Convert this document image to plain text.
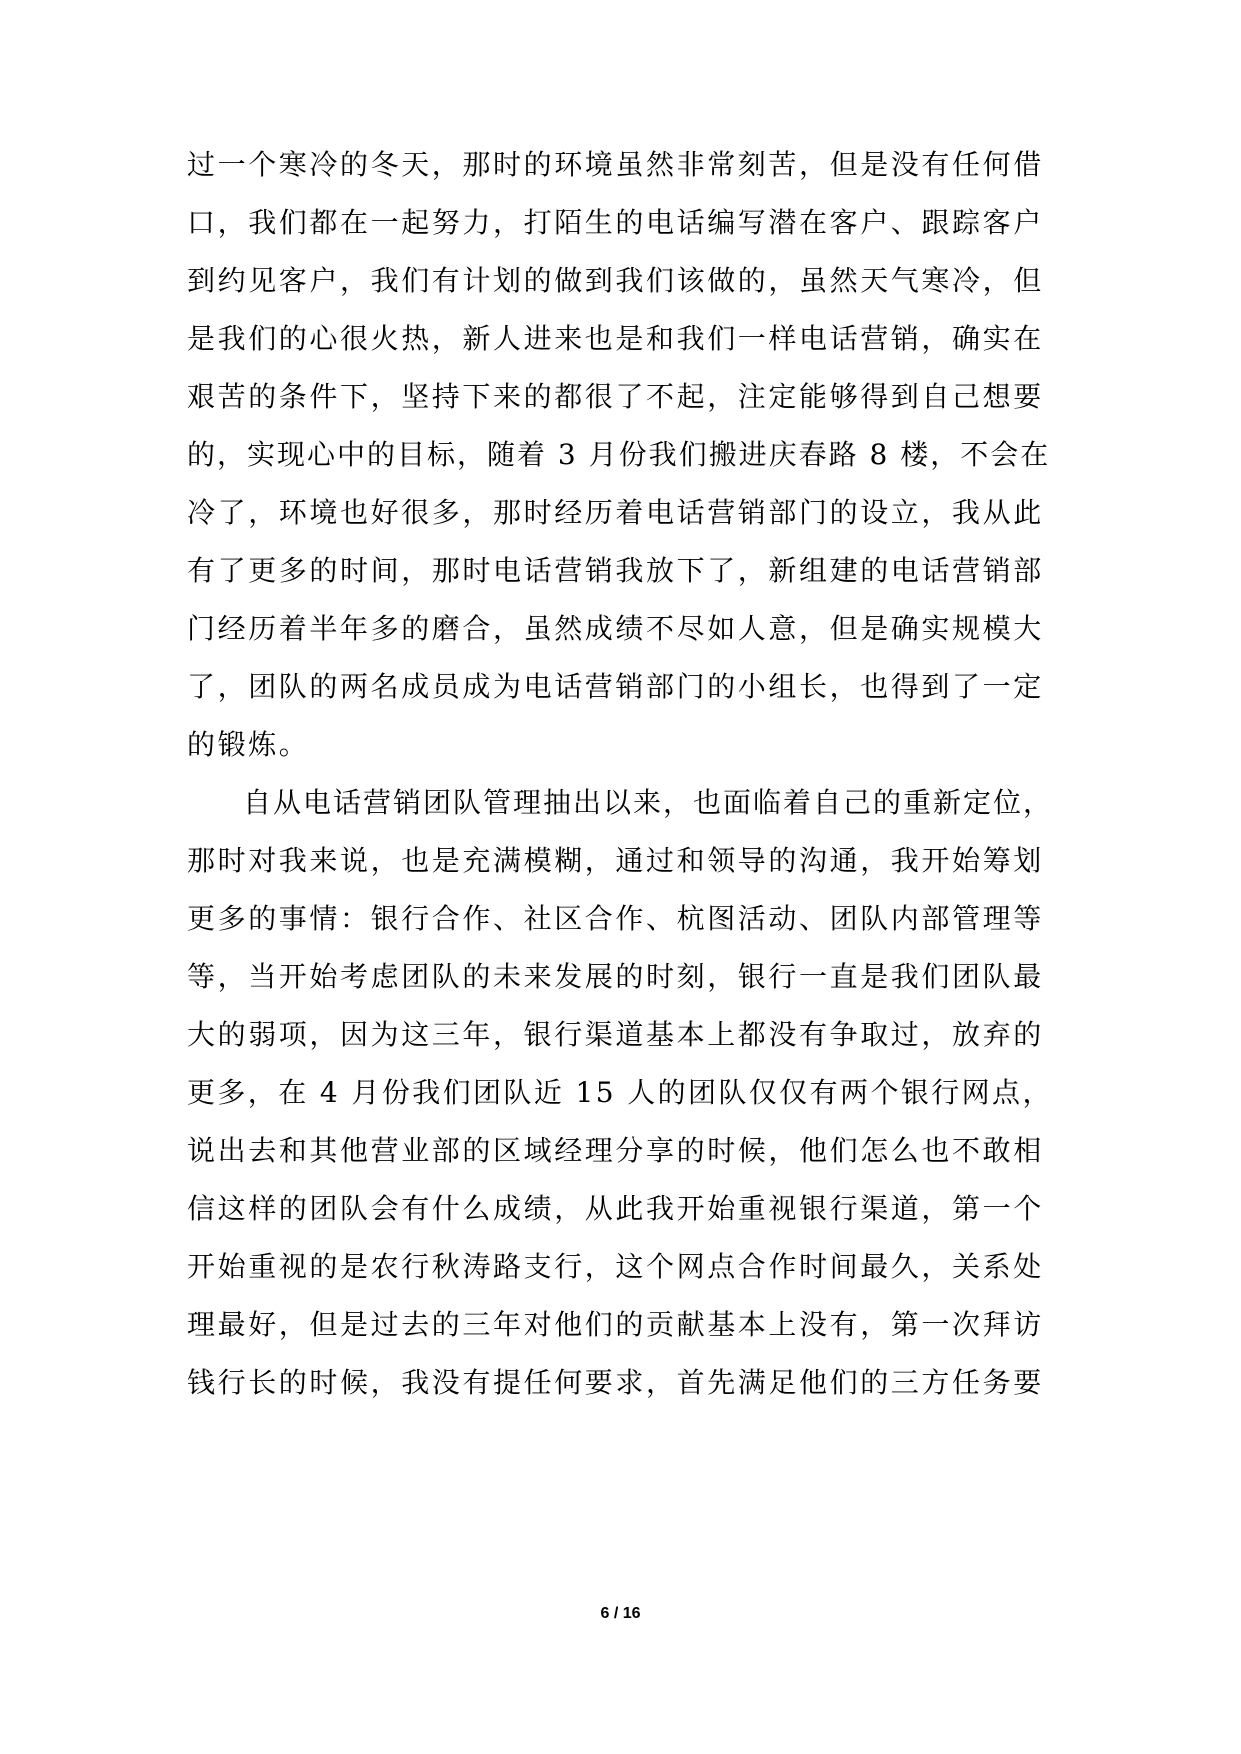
过一个寒冷的冬天，那时的环境虽然非常刻苦，但是没有任何借
口，我们都在一起努力，打陌生的电话编写潜在客户、跟踪客户
到约见客户，我们有计划的做到我们该做的，虽然天气寒冷，但
是我们的心很火热，新人进来也是和我们一样电话营销，确实在
艰苦的条件下，坚持下来的都很了不起，注定能够得到自己想要
的，实现心中的目标，随着 3 月份我们搬进庆春路 8 楼，不会在
冷了，环境也好很多，那时经历着电话营销部门的设立，我从此
有了更多的时间，那时电话营销我放下了，新组建的电话营销部
门经历着半年多的磨合，虽然成绩不尽如人意，但是确实规模大
了，团队的两名成员成为电话营销部门的小组长，也得到了一定
的锻炼。
自从电话营销团队管理抽出以来，也面临着自己的重新定位，
那时对我来说，也是充满模糊，通过和领导的沟通，我开始筹划
更多的事情：银行合作、社区合作、杭图活动、团队内部管理等
等，当开始考虑团队的未来发展的时刻，银行一直是我们团队最
大的弱项，因为这三年，银行渠道基本上都没有争取过，放弃的
更多，在 4 月份我们团队近 15 人的团队仅仅有两个银行网点，
说出去和其他营业部的区域经理分享的时候，他们怎么也不敢相
信这样的团队会有什么成绩，从此我开始重视银行渠道，第一个
开始重视的是农行秋涛路支行，这个网点合作时间最久，关系处
理最好，但是过去的三年对他们的贡献基本上没有，第一次拜访
钱行长的时候，我没有提任何要求，首先满足他们的三方任务要
6 / 16
